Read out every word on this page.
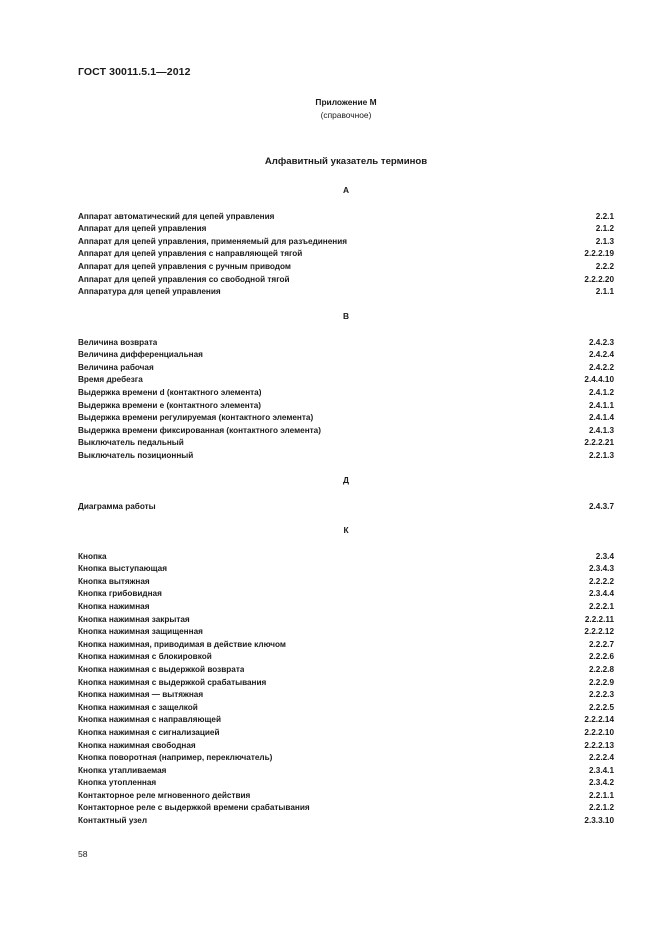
ГОСТ 30011.5.1—2012
Приложение М
(справочное)
Алфавитный указатель терминов
А
Аппарат автоматический для цепей управления	2.2.1
Аппарат для цепей управления	2.1.2
Аппарат для цепей управления, применяемый для разъединения	2.1.3
Аппарат для цепей управления с направляющей тягой	2.2.2.19
Аппарат для цепей управления с ручным приводом	2.2.2
Аппарат для цепей управления со свободной тягой	2.2.2.20
Аппаратура для цепей управления	2.1.1
В
Величина возврата	2.4.2.3
Величина дифференциальная	2.4.2.4
Величина рабочая	2.4.2.2
Время дребезга	2.4.4.10
Выдержка времени d (контактного элемента)	2.4.1.2
Выдержка времени e (контактного элемента)	2.4.1.1
Выдержка времени регулируемая (контактного элемента)	2.4.1.4
Выдержка времени фиксированная (контактного элемента)	2.4.1.3
Выключатель педальный	2.2.2.21
Выключатель позиционный	2.2.1.3
Д
Диаграмма работы	2.4.3.7
К
Кнопка	2.3.4
Кнопка выступающая	2.3.4.3
Кнопка вытяжная	2.2.2.2
Кнопка грибовидная	2.3.4.4
Кнопка нажимная	2.2.2.1
Кнопка нажимная закрытая	2.2.2.11
Кнопка нажимная защищенная	2.2.2.12
Кнопка нажимная, приводимая в действие ключом	2.2.2.7
Кнопка нажимная с блокировкой	2.2.2.6
Кнопка нажимная с выдержкой возврата	2.2.2.8
Кнопка нажимная с выдержкой срабатывания	2.2.2.9
Кнопка нажимная — вытяжная	2.2.2.3
Кнопка нажимная с защелкой	2.2.2.5
Кнопка нажимная с направляющей	2.2.2.14
Кнопка нажимная с сигнализацией	2.2.2.10
Кнопка нажимная свободная	2.2.2.13
Кнопка поворотная (например, переключатель)	2.2.2.4
Кнопка утапливаемая	2.3.4.1
Кнопка утопленная	2.3.4.2
Контакторное реле мгновенного действия	2.2.1.1
Контакторное реле с выдержкой времени срабатывания	2.2.1.2
Контактный узел	2.3.3.10
58
